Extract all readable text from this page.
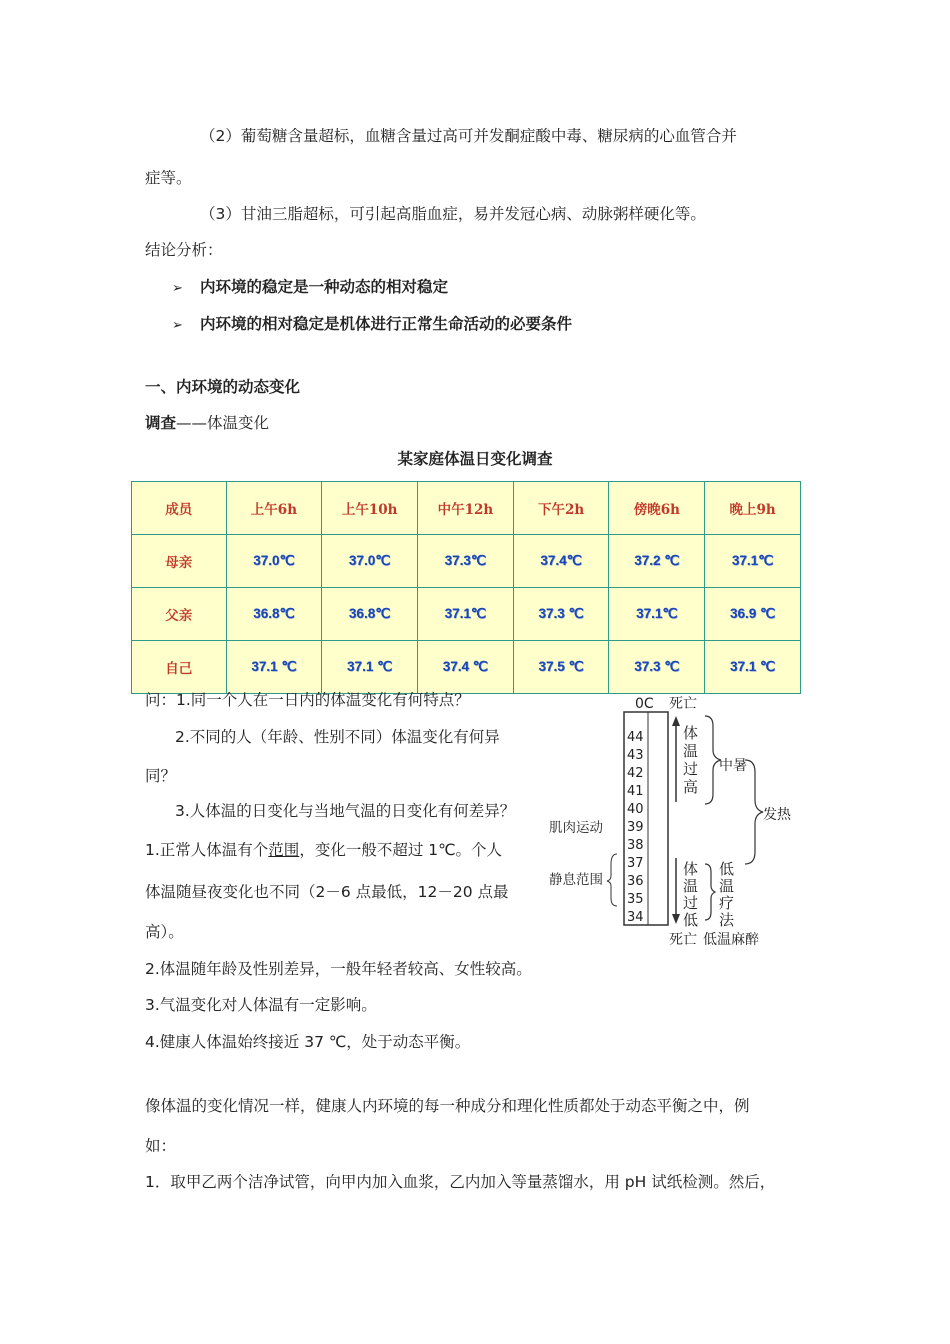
（2）葡萄糖含量超标，血糖含量过高可并发酮症酸中毒、糖尿病的心血管合并
症等。
（3）甘油三脂超标，可引起高脂血症，易并发冠心病、动脉粥样硬化等。
结论分析：
➢ 内环境的稳定是一种动态的相对稳定
➢ 内环境的相对稳定是机体进行正常生命活动的必要条件
一、内环境的动态变化
调查——体温变化
某家庭体温日变化调查
成员	上午6h	上午10h	中午12h	下午2h	傍晚6h	晚上9h
母亲	37.0℃	37.0℃	37.3℃	37.4℃	37.2 ℃	37.1℃
父亲	36.8℃	36.8℃	37.1℃	37.3 ℃	37.1℃	36.9 ℃
自己	37.1 ℃	37.1 ℃	37.4 ℃	37.5 ℃	37.3 ℃	37.1 ℃
问：1.同一个人在一日内的体温变化有何特点？
2.不同的人（年龄、性别不同）体温变化有何异
同？
3.人体温的日变化与当地气温的日变化有何差异？
1.正常人体温有个范围，变化一般不超过 1℃。个人
体温随昼夜变化也不同（2－6 点最低，12－20 点最
高）。
2.体温随年龄及性别差异，一般年轻者较高、女性较高。
3.气温变化对人体温有一定影响。
4.健康人体温始终接近 37 ℃，处于动态平衡。
像体温的变化情况一样，健康人内环境的每一种成分和理化性质都处于动态平衡之中，例
如：
1．取甲乙两个洁净试管，向甲内加入血浆，乙内加入等量蒸馏水，用 pH 试纸检测。然后，
0C 死亡
44
43
42
41
40
39
38
37
36
35
34
体 温 过 高
中暑
发热
肌肉运动
静息范围
体 温 过 低
低 温 疗 法
死亡 低温麻醉
